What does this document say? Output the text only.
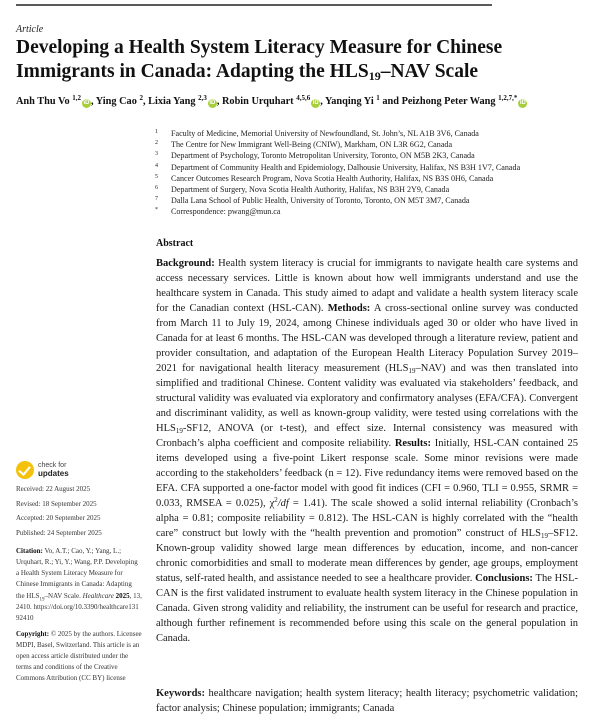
Article
Developing a Health System Literacy Measure for Chinese Immigrants in Canada: Adapting the $HLS_{19}$–NAV Scale
Anh Thu Vo $^{1,2}$iD , Ying Cao $^2$, Lixia Yang $^{2,3}$iD , Robin Urquhart $^{4,5,6}$iD , Yanqing Yi $^1$ and Peizhong Peter Wang $^{1,2,7,*}$iD
1	Faculty of Medicine, Memorial University of Newfoundland, St. John’s, NL A1B 3V6, Canada
2	The Centre for New Immigrant Well-Being (CNIW), Markham, ON L3R 6G2, Canada
3	Department of Psychology, Toronto Metropolitan University, Toronto, ON M5B 2K3, Canada
4	Department of Community Health and Epidemiology, Dalhousie University, Halifax, NS B3H 1V7, Canada
5	Cancer Outcomes Research Program, Nova Scotia Health Authority, Halifax, NS B3S 0H6, Canada
6	Department of Surgery, Nova Scotia Health Authority, Halifax, NS B3H 2Y9, Canada
7	Dalla Lana School of Public Health, University of Toronto, Toronto, ON M5T 3M7, Canada
*	Correspondence: pwang@mun.ca
Abstract
Background: Health system literacy is crucial for immigrants to navigate health care systems and access necessary services. Little is known about how well immigrants understand and use the healthcare system in Canada. This study aimed to adapt and validate a health system literacy scale for the Canadian context (HSL-CAN). Methods: A cross-sectional online survey was conducted from March 11 to July 19, 2024, among Chinese individuals aged 30 or older who have lived in Canada for at least 6 months. The HSL-CAN was developed through a literature review, patient and provider consultation, and adaptation of the European Health Literacy Population Survey 2019–2021 for navigational health literacy measurement $(HLS_{19}-NAV)$ and was then translated into simplified and traditional Chinese. Content validity was evaluated via stakeholders’ feedback, and structural validity was evaluated via exploratory and confirmatory analyses (EFA/CFA). Convergent and discriminant validity, as well as known-group validity, were tested using correlations with the $HLS_{19}-SF12$, ANOVA (or t-test), and effect size. Internal consistency was measured with Cronbach’s alpha coefficient and composite reliability. Results: Initially, HSL-CAN contained 25 items developed using a five-point Likert response scale. Some minor revisions were made according to the stakeholders’ feedback (n = 12). Five redundancy items were removed based on the EFA. CFA supported a one-factor model with good fit indices (CFI = 0.960, TLI = 0.955, SRMR = 0.033, RMSEA = 0.025), $\chi^2/df = 1.41$). The scale showed a solid internal reliability (Cronbach’s alpha = 0.81; composite reliability = 0.812). The HSL-CAN is highly correlated with the “health care” construct but lowly with the “health prevention and promotion” construct of $HLS_{19}-SF12$. Known-group validity showed large mean differences by education, income, and non-cancer chronic comorbidities and small to moderate mean differences by gender, age groups, employment status, self-rated health, and assistance needed to see a healthcare provider. Conclusions: The HSL-CAN is the first validated instrument to evaluate health system literacy in the Chinese population in Canada. Given strong validity and reliability, the instrument can be useful for research and practice, although further refinement is recommended before using this scale on the general population in Canada.
Keywords: healthcare navigation; health system literacy; health literacy; psychometric validation; factor analysis; Chinese population; immigrants; Canada
check for
updates
Received: 22 August 2025
Revised: 18 September 2025
Accepted: 20 September 2025
Published: 24 September 2025
Citation: Vo, A.T.; Cao, Y.; Yang, L.; Urquhart, R.; Yi, Y.; Wang, P.P. Developing a Health System Literacy Measure for Chinese Immigrants in Canada: Adapting the $HLS_{19}$–NAV Scale. Healthcare 2025, 13, 2410. https://doi.org/10.3390/healthcare13192410
Copyright: © 2025 by the authors. Licensee MDPI, Basel, Switzerland. This article is an open access article distributed under the terms and conditions of the Creative Commons Attribution (CC BY) license
